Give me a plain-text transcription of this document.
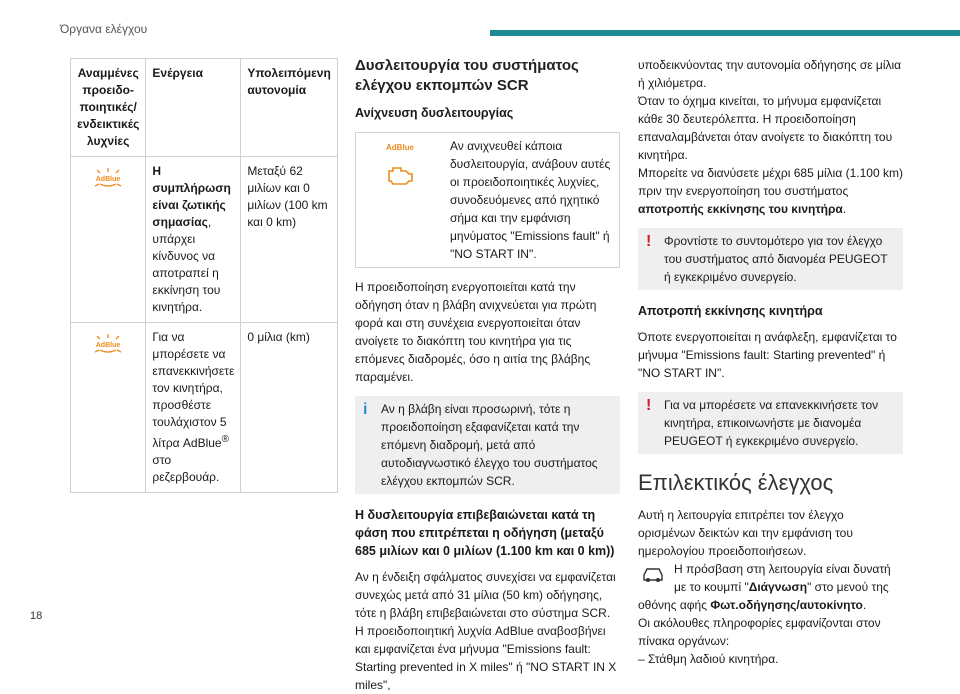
Όργανα ελέγχου
Αναμμένες προειδο-ποιητικές/ ενδεικτικές λυχνίες	Ενέργεια	Υπολειπόμενη αυτονομία

AdBlue	Η συμπλήρωση είναι ζωτικής σημασίας, υπάρχει κίνδυνος να αποτραπεί η εκκίνηση του κινητήρα.	Μεταξύ 62 μιλίων και 0 μιλίων (100 km και 0 km)

AdBlue	Για να μπορέσετε να επανεκκινήσετε τον κινητήρα, προσθέστε τουλάχιστον 5 λίτρα AdBlue® στο ρεζερβουάρ.	0 μίλια (km)
Δυσλειτουργία του συστήματος ελέγχου εκπομπών SCR
Ανίχνευση δυσλειτουργίας
AdBlue	Αν ανιχνευθεί κάποια δυσλειτουργία, ανάβουν αυτές οι προειδοποιητικές λυχνίες, συνοδευόμενες από ηχητικό σήμα και την εμφάνιση μηνύματος "Emissions fault" ή "NO START IN".

Η προειδοποίηση ενεργοποιείται κατά την οδήγηση όταν η βλάβη ανιχνεύεται για πρώτη φορά και στη συνέχεια ενεργοποιείται όταν ανοίγετε το διακόπτη του κινητήρα για τις επόμενες διαδρομές, όσο η αιτία της βλάβης παραμένει.

i Αν η βλάβη είναι προσωρινή, τότε η προειδοποίηση εξαφανίζεται κατά την επόμενη διαδρομή, μετά από αυτοδιαγνωστικό έλεγχο του συστήματος ελέγχου εκπομπών SCR.
Η δυσλειτουργία επιβεβαιώνεται κατά τη φάση που επιτρέπεται η οδήγηση (μεταξύ 685 μιλίων και 0 μιλίων (1.100 km και 0 km))

Αν η ένδειξη σφάλματος συνεχίσει να εμφανίζεται συνεχώς μετά από 31 μίλια (50 km) οδήγησης, τότε η βλάβη επιβεβαιώνεται στο σύστημα SCR.

Η προειδοποιητική λυχνία AdBlue αναβοσβήνει και εμφανίζεται ένα μήνυμα "Emissions fault: Starting prevented in X miles" ή "NO START IN X miles",

υποδεικνύοντας την αυτονομία οδήγησης σε μίλια ή χιλιόμετρα.

Όταν το όχημα κινείται, το μήνυμα εμφανίζεται κάθε 30 δευτερόλεπτα. Η προειδοποίηση επαναλαμβάνεται όταν ανοίγετε το διακόπτη του κινητήρα.

Μπορείτε να διανύσετε μέχρι 685 μίλια (1.100 km) πριν την ενεργοποίηση του συστήματος αποτροπής εκκίνησης του κινητήρα.

! Φροντίστε το συντομότερο για τον έλεγχο του συστήματος από διανομέα PEUGEOT ή εγκεκριμένο συνεργείο.
Αποτροπή εκκίνησης κινητήρα

Όποτε ενεργοποιείται η ανάφλεξη, εμφανίζεται το μήνυμα "Emissions fault: Starting prevented" ή "NO START IN".

! Για να μπορέσετε να επανεκκινήσετε τον κινητήρα, επικοινωνήστε με διανομέα PEUGEOT ή εγκεκριμένο συνεργείο.
Επιλεκτικός έλεγχος

Αυτή η λειτουργία επιτρέπει τον έλεγχο ορισμένων δεικτών και την εμφάνιση του ημερολογίου προειδοποιήσεων.

Η πρόσβαση στη λειτουργία είναι δυνατή με το κουμπί "Διάγνωση" στο μενού της οθόνης αφής Φωτ.οδήγησης/αυτοκίνητο.

Οι ακόλουθες πληροφορίες εμφανίζονται στον πίνακα οργάνων:

– Στάθμη λαδιού κινητήρα.

18
